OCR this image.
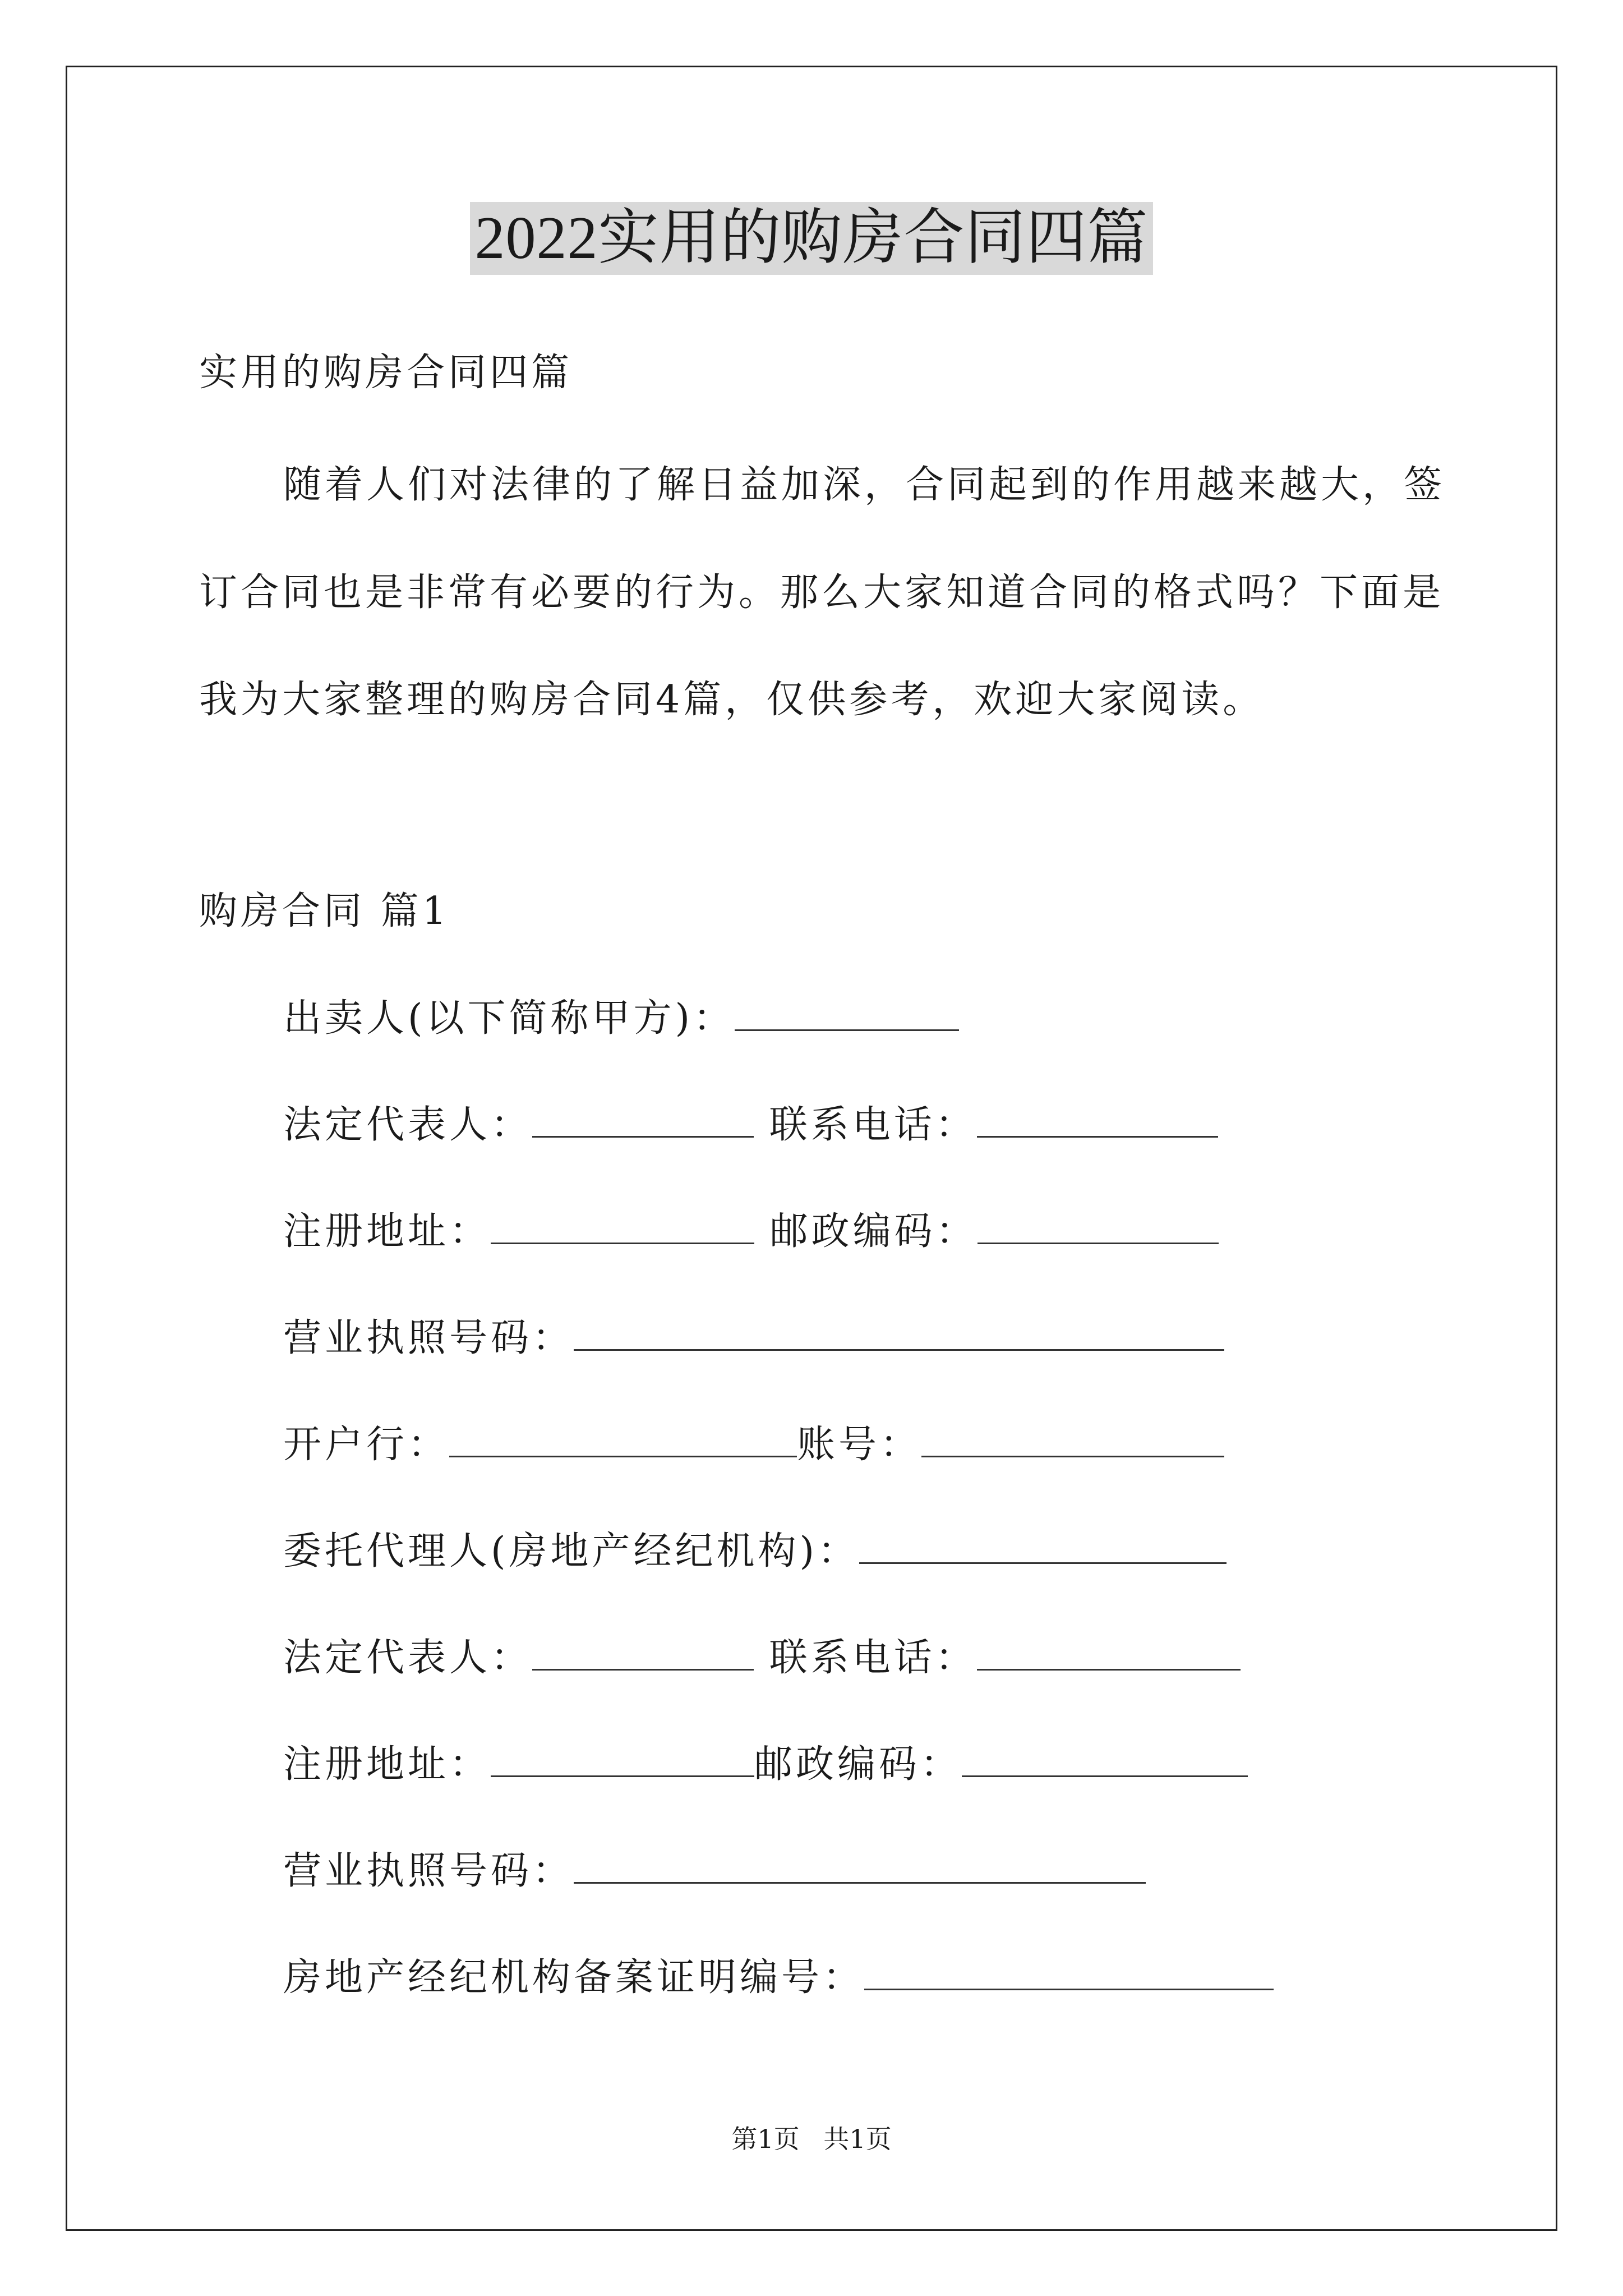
2022实用的购房合同四篇
实用的购房合同四篇
随着人们对法律的了解日益加深，合同起到的作用越来越大，签
订合同也是非常有必要的行为。那么大家知道合同的格式吗？下面是
我为大家整理的购房合同4篇，仅供参考，欢迎大家阅读。
购房合同 篇1
出卖人(以下简称甲方)：
法定代表人：	联系电话：
注册地址：	邮政编码：
营业执照号码：
开户行：	账号：
委托代理人(房地产经纪机构)：
法定代表人：	联系电话：
注册地址：	邮政编码：
营业执照号码：
房地产经纪机构备案证明编号：
第1页 共1页
